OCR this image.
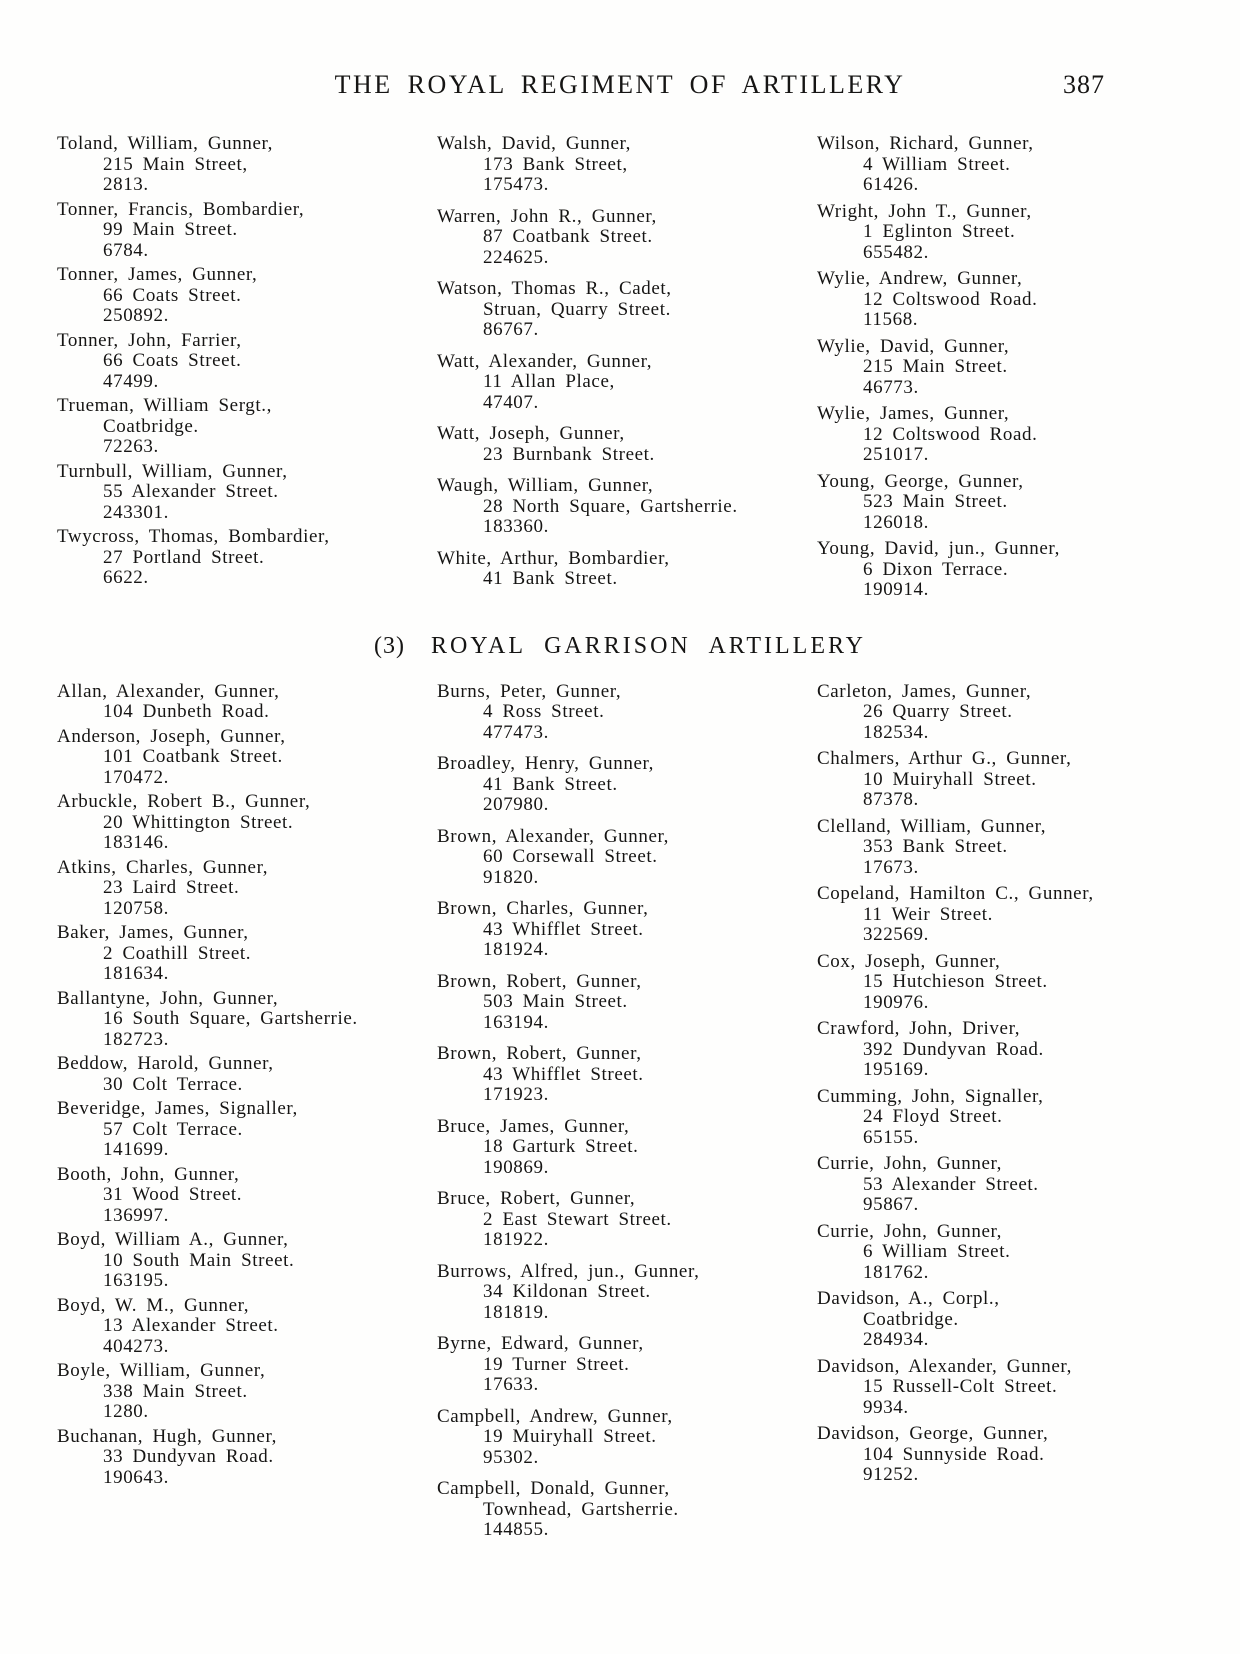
THE ROYAL REGIMENT OF ARTILLERY	387
Toland, William, Gunner,
215 Main Street,
2813.
Tonner, Francis, Bombardier,
99 Main Street.
6784.
Tonner, James, Gunner,
66 Coats Street.
250892.
Tonner, John, Farrier,
66 Coats Street.
47499.
Trueman, William Sergt.,
Coatbridge.
72263.
Turnbull, William, Gunner,
55 Alexander Street.
243301.
Twycross, Thomas, Bombardier,
27 Portland Street.
6622.
Walsh, David, Gunner,
173 Bank Street,
175473.
Warren, John R., Gunner,
87 Coatbank Street.
224625.
Watson, Thomas R., Cadet,
Struan, Quarry Street.
86767.
Watt, Alexander, Gunner,
11 Allan Place,
47407.
Watt, Joseph, Gunner,
23 Burnbank Street.
Waugh, William, Gunner,
28 North Square, Gartsherrie.
183360.
White, Arthur, Bombardier,
41 Bank Street.
Wilson, Richard, Gunner,
4 William Street.
61426.
Wright, John T., Gunner,
1 Eglinton Street.
655482.
Wylie, Andrew, Gunner,
12 Coltswood Road.
11568.
Wylie, David, Gunner,
215 Main Street.
46773.
Wylie, James, Gunner,
12 Coltswood Road.
251017.
Young, George, Gunner,
523 Main Street.
126018.
Young, David, jun., Gunner,
6 Dixon Terrace.
190914.
(3) ROYAL GARRISON ARTILLERY
Allan, Alexander, Gunner,
104 Dunbeth Road.
Anderson, Joseph, Gunner,
101 Coatbank Street.
170472.
Arbuckle, Robert B., Gunner,
20 Whittington Street.
183146.
Atkins, Charles, Gunner,
23 Laird Street.
120758.
Baker, James, Gunner,
2 Coathill Street.
181634.
Ballantyne, John, Gunner,
16 South Square, Gartsherrie.
182723.
Beddow, Harold, Gunner,
30 Colt Terrace.
Beveridge, James, Signaller,
57 Colt Terrace.
141699.
Booth, John, Gunner,
31 Wood Street.
136997.
Boyd, William A., Gunner,
10 South Main Street.
163195.
Boyd, W. M., Gunner,
13 Alexander Street.
404273.
Boyle, William, Gunner,
338 Main Street.
1280.
Buchanan, Hugh, Gunner,
33 Dundyvan Road.
190643.
Burns, Peter, Gunner,
4 Ross Street.
477473.
Broadley, Henry, Gunner,
41 Bank Street.
207980.
Brown, Alexander, Gunner,
60 Corsewall Street.
91820.
Brown, Charles, Gunner,
43 Whifflet Street.
181924.
Brown, Robert, Gunner,
503 Main Street.
163194.
Brown, Robert, Gunner,
43 Whifflet Street.
171923.
Bruce, James, Gunner,
18 Garturk Street.
190869.
Bruce, Robert, Gunner,
2 East Stewart Street.
181922.
Burrows, Alfred, jun., Gunner,
34 Kildonan Street.
181819.
Byrne, Edward, Gunner,
19 Turner Street.
17633.
Campbell, Andrew, Gunner,
19 Muiryhall Street.
95302.
Campbell, Donald, Gunner,
Townhead, Gartsherrie.
144855.
Carleton, James, Gunner,
26 Quarry Street.
182534.
Chalmers, Arthur G., Gunner,
10 Muiryhall Street.
87378.
Clelland, William, Gunner,
353 Bank Street.
17673.
Copeland, Hamilton C., Gunner,
11 Weir Street.
322569.
Cox, Joseph, Gunner,
15 Hutchieson Street.
190976.
Crawford, John, Driver,
392 Dundyvan Road.
195169.
Cumming, John, Signaller,
24 Floyd Street.
65155.
Currie, John, Gunner,
53 Alexander Street.
95867.
Currie, John, Gunner,
6 William Street.
181762.
Davidson, A., Corpl.,
Coatbridge.
284934.
Davidson, Alexander, Gunner,
15 Russell-Colt Street.
9934.
Davidson, George, Gunner,
104 Sunnyside Road.
91252.
